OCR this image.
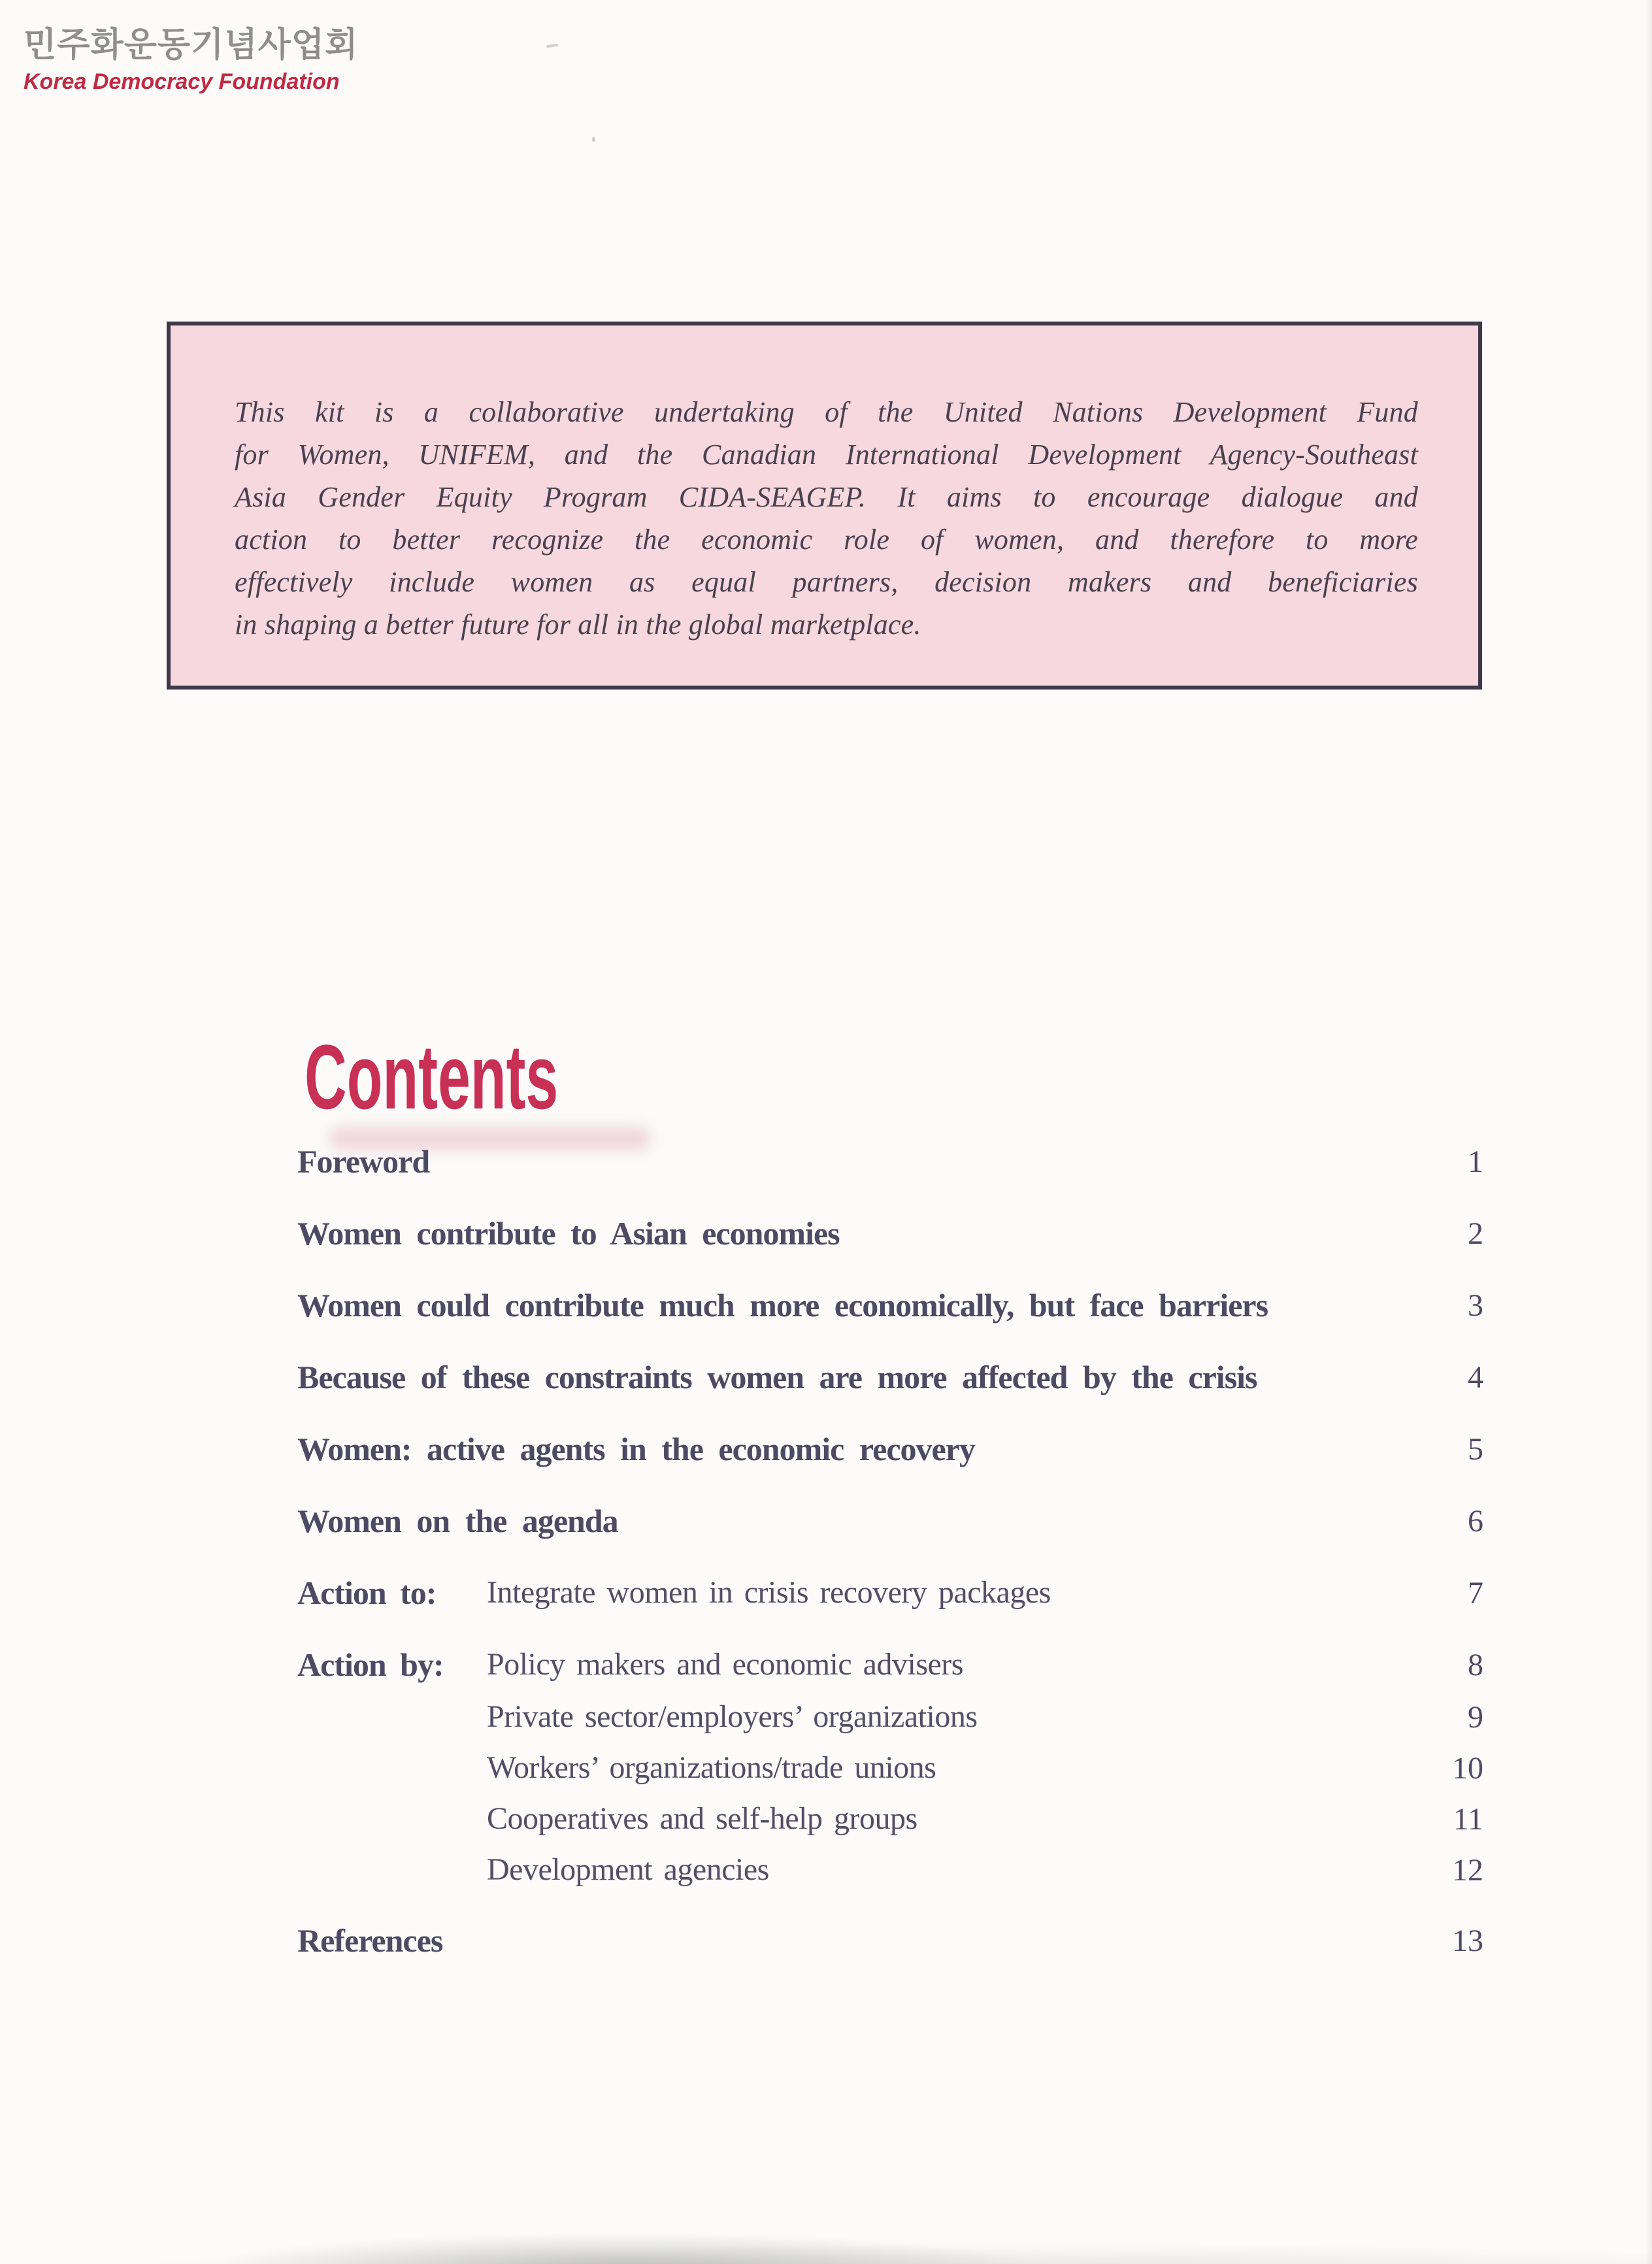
민주화운동기념사업회
Korea Democracy Foundation
This kit is a collaborative undertaking of the United Nations Development Fund
for Women, UNIFEM, and the Canadian International Development Agency-Southeast
Asia Gender Equity Program CIDA-SEAGEP. It aims to encourage dialogue and
action to better recognize the economic role of women, and therefore to more
effectively include women as equal partners, decision makers and beneficiaries
in shaping a better future for all in the global marketplace.
Contents
Foreword	1
Women contribute to Asian economies	2
Women could contribute much more economically, but face barriers	3
Because of these constraints women are more affected by the crisis	4
Women: active agents in the economic recovery	5
Women on the agenda	6
Action to: Integrate women in crisis recovery packages	7
Action by: Policy makers and economic advisers	8
Private sector/employers’ organizations	9
Workers’ organizations/trade unions	10
Cooperatives and self-help groups	11
Development agencies	12
References	13
